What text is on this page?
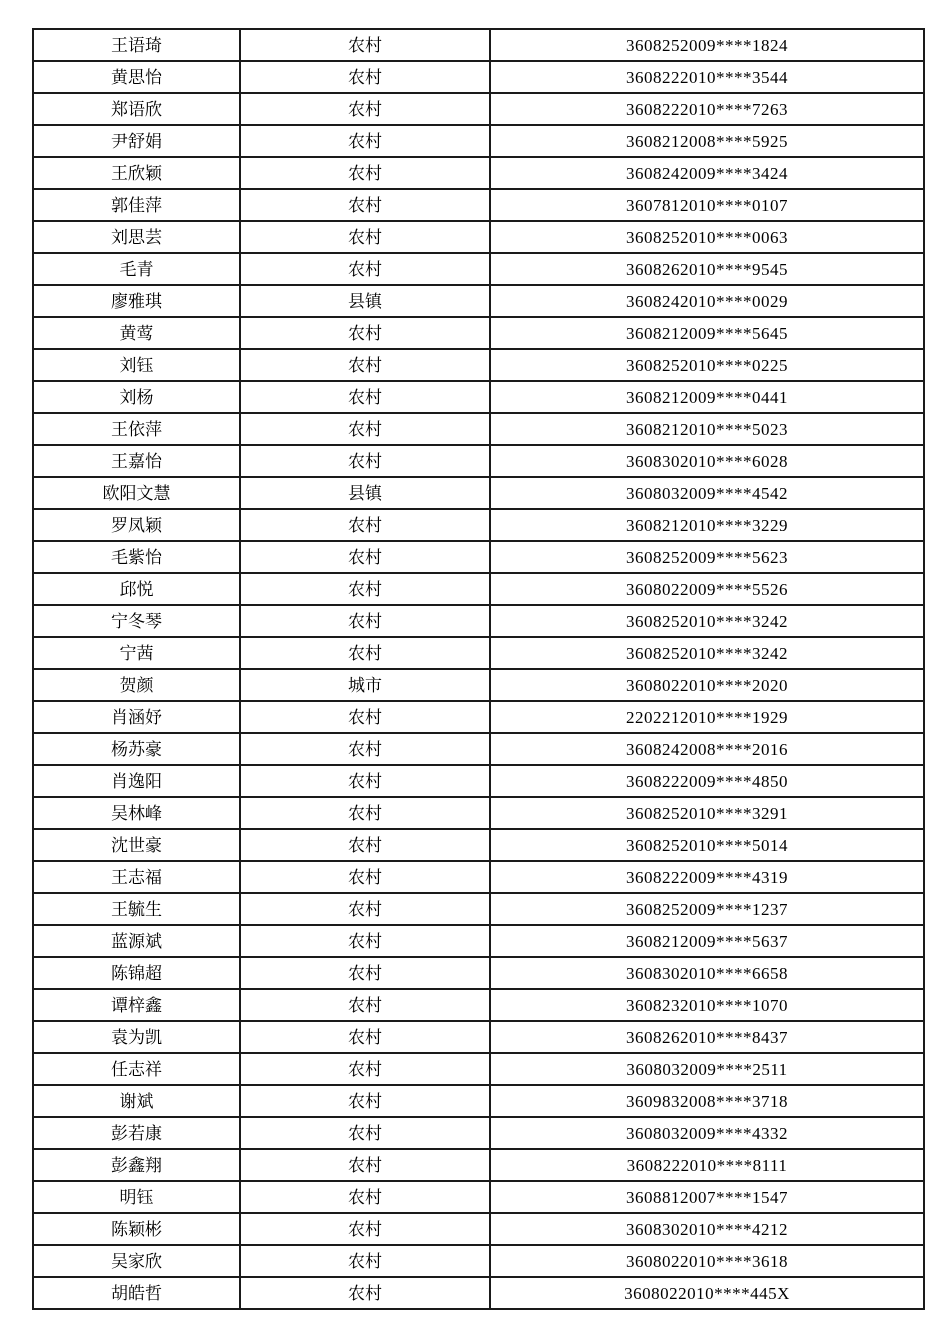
王语琦	农村	3608252009****1824
黄思怡	农村	3608222010****3544
郑语欣	农村	3608222010****7263
尹舒娟	农村	3608212008****5925
王欣颖	农村	3608242009****3424
郭佳萍	农村	3607812010****0107
刘思芸	农村	3608252010****0063
毛青	农村	3608262010****9545
廖雅琪	县镇	3608242010****0029
黄莺	农村	3608212009****5645
刘钰	农村	3608252010****0225
刘杨	农村	3608212009****0441
王依萍	农村	3608212010****5023
王嘉怡	农村	3608302010****6028
欧阳文慧	县镇	3608032009****4542
罗凤颖	农村	3608212010****3229
毛紫怡	农村	3608252009****5623
邱悦	农村	3608022009****5526
宁冬琴	农村	3608252010****3242
宁茜	农村	3608252010****3242
贺颜	城市	3608022010****2020
肖涵妤	农村	2202212010****1929
杨苏豪	农村	3608242008****2016
肖逸阳	农村	3608222009****4850
吴林峰	农村	3608252010****3291
沈世豪	农村	3608252010****5014
王志福	农村	3608222009****4319
王毓生	农村	3608252009****1237
蓝源斌	农村	3608212009****5637
陈锦超	农村	3608302010****6658
谭梓鑫	农村	3608232010****1070
袁为凯	农村	3608262010****8437
任志祥	农村	3608032009****2511
谢斌	农村	3609832008****3718
彭若康	农村	3608032009****4332
彭鑫翔	农村	3608222010****8111
明钰	农村	3608812007****1547
陈颖彬	农村	3608302010****4212
吴家欣	农村	3608022010****3618
胡皓哲	农村	3608022010****445X
